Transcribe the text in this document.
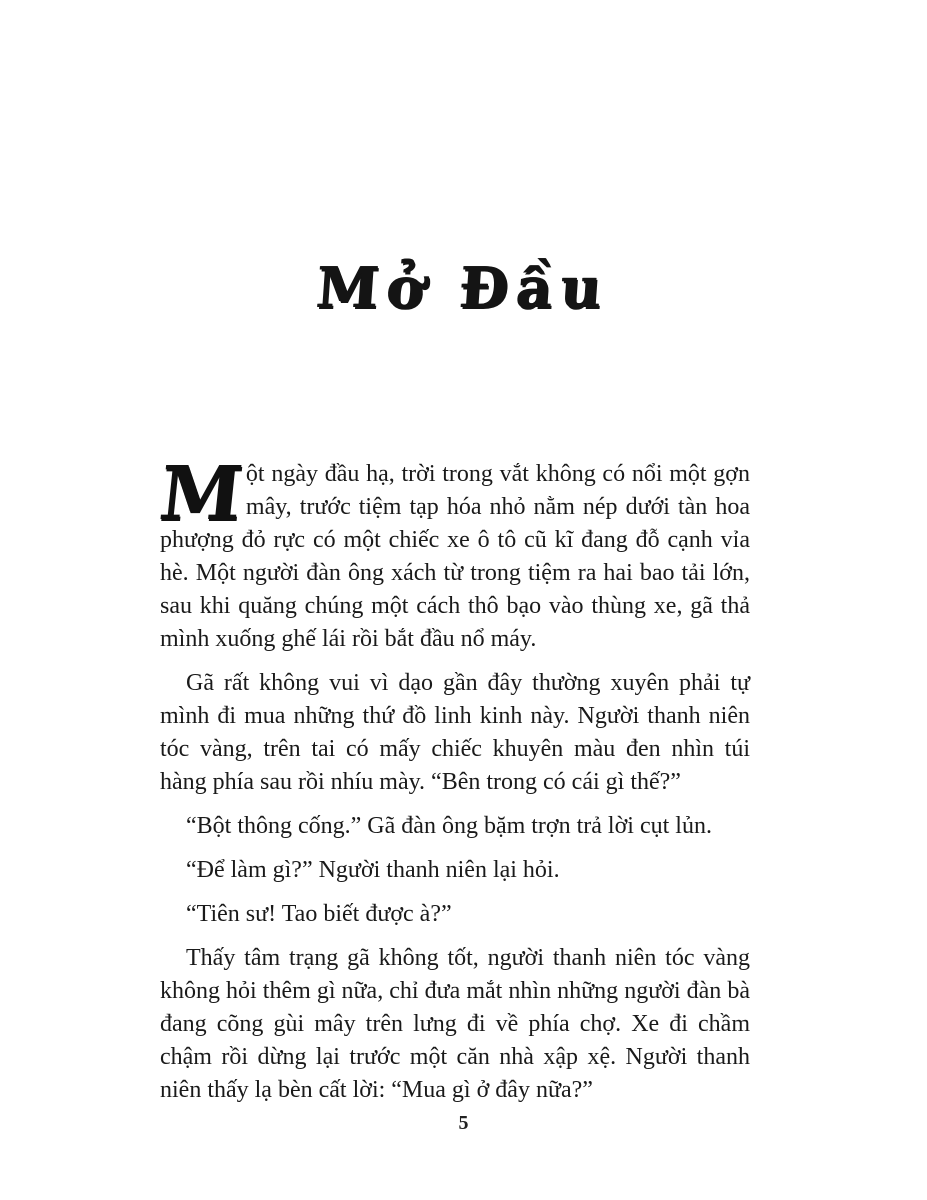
Mở Đầu

Một ngày đầu hạ, trời trong vắt không có nổi một gợn mây, trước tiệm tạp hóa nhỏ nằm nép dưới tàn hoa phượng đỏ rực có một chiếc xe ô tô cũ kĩ đang đỗ cạnh vỉa hè. Một người đàn ông xách từ trong tiệm ra hai bao tải lớn, sau khi quăng chúng một cách thô bạo vào thùng xe, gã thả mình xuống ghế lái rồi bắt đầu nổ máy.

Gã rất không vui vì dạo gần đây thường xuyên phải tự mình đi mua những thứ đồ linh kinh này. Người thanh niên tóc vàng, trên tai có mấy chiếc khuyên màu đen nhìn túi hàng phía sau rồi nhíu mày. “Bên trong có cái gì thế?”

“Bột thông cống.” Gã đàn ông bặm trợn trả lời cụt lủn.

“Để làm gì?” Người thanh niên lại hỏi.

“Tiên sư! Tao biết được à?”

Thấy tâm trạng gã không tốt, người thanh niên tóc vàng không hỏi thêm gì nữa, chỉ đưa mắt nhìn những người đàn bà đang cõng gùi mây trên lưng đi về phía chợ. Xe đi chầm chậm rồi dừng lại trước một căn nhà xập xệ. Người thanh niên thấy lạ bèn cất lời: “Mua gì ở đây nữa?”

5
